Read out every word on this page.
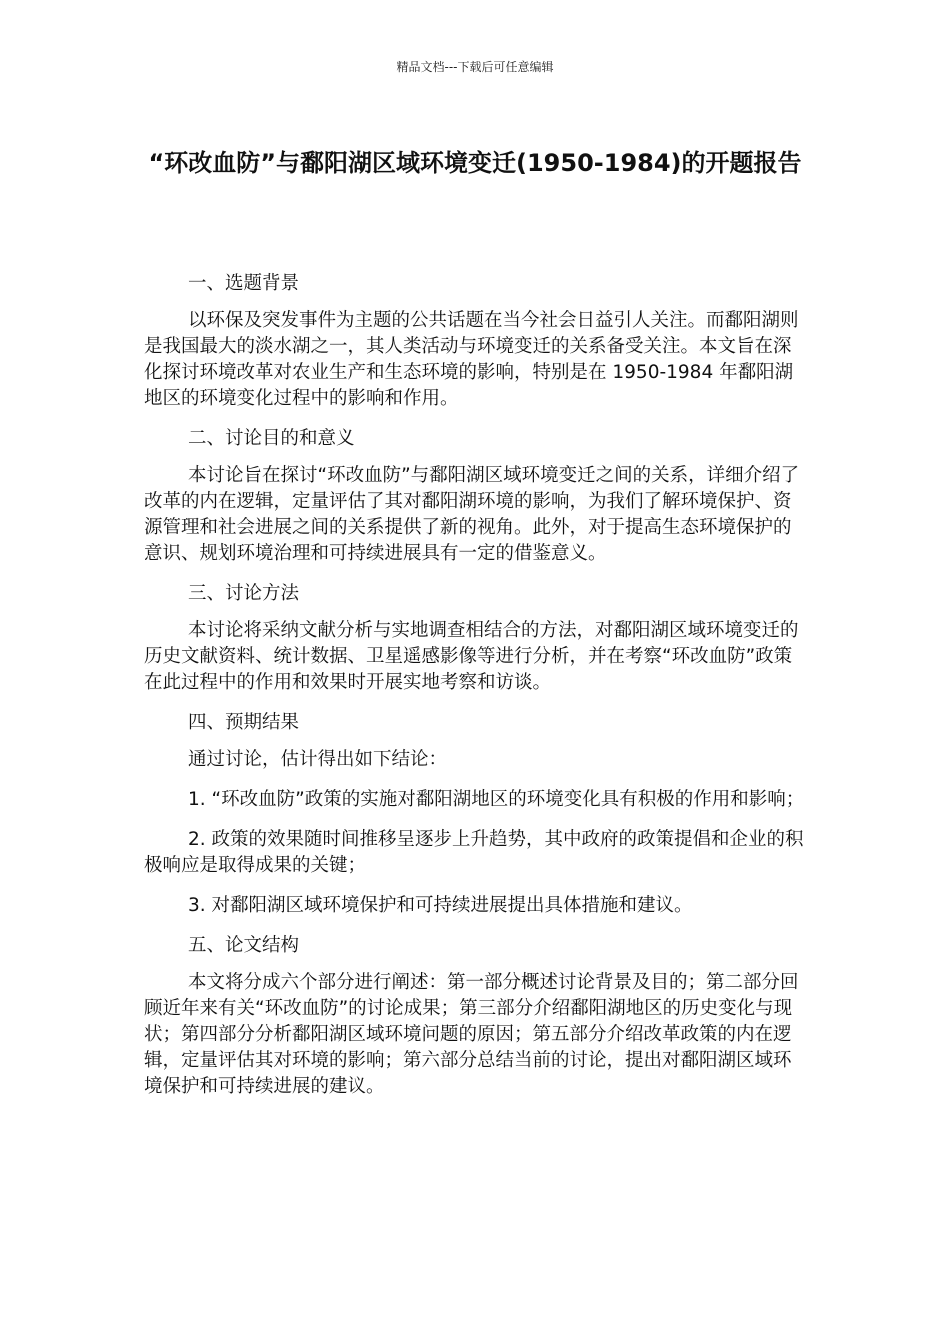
精品文档---下载后可任意编辑
“环改血防”与鄱阳湖区域环境变迁(1950-1984)的开题报告

一、选题背景

以环保及突发事件为主题的公共话题在当今社会日益引人关注。而鄱阳湖则是我国最大的淡水湖之一，其人类活动与环境变迁的关系备受关注。本文旨在深化探讨环境改革对农业生产和生态环境的影响，特别是在 1950-1984 年鄱阳湖地区的环境变化过程中的影响和作用。

二、讨论目的和意义

本讨论旨在探讨“环改血防”与鄱阳湖区域环境变迁之间的关系，详细介绍了改革的内在逻辑，定量评估了其对鄱阳湖环境的影响，为我们了解环境保护、资源管理和社会进展之间的关系提供了新的视角。此外，对于提高生态环境保护的意识、规划环境治理和可持续进展具有一定的借鉴意义。

三、讨论方法

本讨论将采纳文献分析与实地调查相结合的方法，对鄱阳湖区域环境变迁的历史文献资料、统计数据、卫星遥感影像等进行分析，并在考察“环改血防”政策在此过程中的作用和效果时开展实地考察和访谈。

四、预期结果

通过讨论，估计得出如下结论：

1. “环改血防”政策的实施对鄱阳湖地区的环境变化具有积极的作用和影响；

2. 政策的效果随时间推移呈逐步上升趋势，其中政府的政策提倡和企业的积极响应是取得成果的关键；

3. 对鄱阳湖区域环境保护和可持续进展提出具体措施和建议。

五、论文结构

本文将分成六个部分进行阐述：第一部分概述讨论背景及目的；第二部分回顾近年来有关“环改血防”的讨论成果；第三部分介绍鄱阳湖地区的历史变化与现状；第四部分分析鄱阳湖区域环境问题的原因；第五部分介绍改革政策的内在逻辑，定量评估其对环境的影响；第六部分总结当前的讨论，提出对鄱阳湖区域环境保护和可持续进展的建议。
